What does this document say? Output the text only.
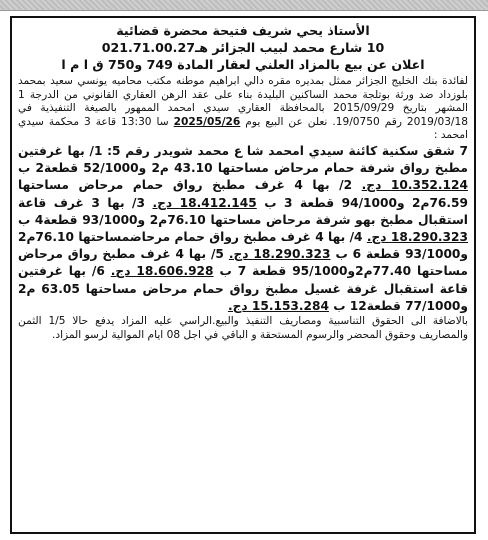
الأستاذ يحي شريف فتيحة محضرة قضائية
10 شارع محمد لبيب الجزائر هـ021.71.00.27
اعلان عن بيع بالمزاد العلني لعقار المادة 749 و750 ق ا م ا

لفائدة بنك الخليج الجزائر ممثل بمديره مقره دالي ابراهيم موطنه مكتب محاميه يونسي سعيد بمحمد بلوزداد ضد ورثة بوتلجة محمد الساكنين البليدة بناء على عقد الرهن العقاري القانوني من الدرجة 1 المشهر بتاريخ 2015/09/29 بالمحافظة العقاري سيدي امحمد الممهور بالصيغة التنفيذية في 2019/03/18 رقم 19/0750. نعلن عن البيع يوم 2025/05/26 سا 13:30 قاعة 3 محكمة سيدي امحمد :

7 شقق سكنية كائنة سيدي امحمد شا ع محمد شويدر رقم 5: 1/ بها غرفتين مطبخ رواق شرفة حمام مرحاض مساحتها 43.10 م2 و52/1000 قطعة2 ب 10.352.124 دج. 2/ بها 4 غرف مطبخ رواق حمام مرحاض مساحتها 76.59م2 و94/1000 قطعة 3 ب 18.412.145 دج. 3/ بها 3 غرف قاعة استقبال مطبخ بهو شرفة مرحاض مساحتها 76.10م2 و93/1000 قطعة4 ب 18.290.323 دج. 4/ بها 4 غرف مطبخ رواق حمام مرحاضمساحتها 76.10م2 و93/1000 قطعة 6 ب 18.290.323 دج. 5/ بها 4 غرف مطبخ رواق مرحاض مساحتها 77.40م2و95/1000 قطعة 7 ب 18.606.928 دج. 6/ بها غرفتين قاعة استقبال غرفة غسيل مطبخ رواق حمام مرحاض مساحتها 63.05 م2 و77/1000 قطعة12 ب 15.153.284 دج.

بالاضافة الى الحقوق التناسبية ومصاريف التنفيذ والبيع.الراسي عليه المزاد يدفع حالا 1/5 الثمن والمصاريف وحقوق المحضر والرسوم المستحقة و الباقي في اجل 08 ايام الموالية لرسو المزاد.
